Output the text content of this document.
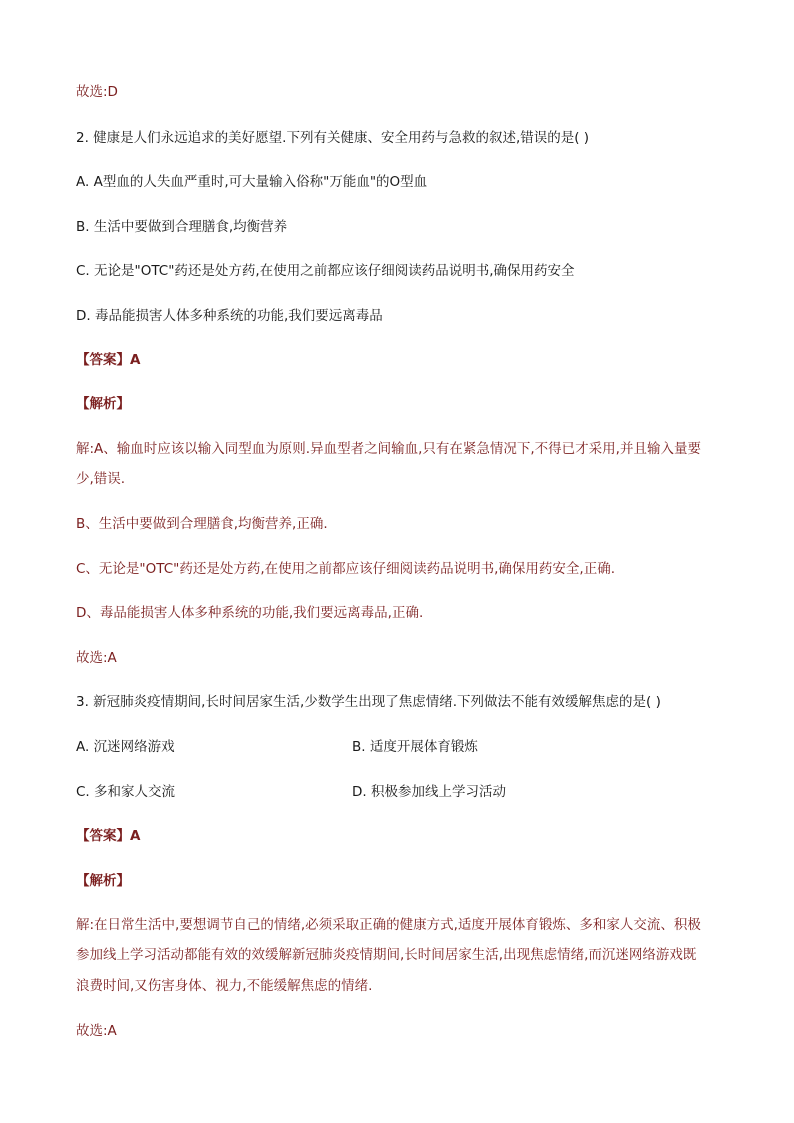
故选:D
2. 健康是人们永远追求的美好愿望.下列有关健康、安全用药与急救的叙述,错误的是( )
A. A型血的人失血严重时,可大量输入俗称"万能血"的O型血
B. 生活中要做到合理膳食,均衡营养
C. 无论是"OTC"药还是处方药,在使用之前都应该仔细阅读药品说明书,确保用药安全
D. 毒品能损害人体多种系统的功能,我们要远离毒品
【答案】A
【解析】
解:A、输血时应该以输入同型血为原则.异血型者之间输血,只有在紧急情况下,不得已才采用,并且输入量要
少,错误.
B、生活中要做到合理膳食,均衡营养,正确.
C、无论是"OTC"药还是处方药,在使用之前都应该仔细阅读药品说明书,确保用药安全,正确.
D、毒品能损害人体多种系统的功能,我们要远离毒品,正确.
故选:A
3. 新冠肺炎疫情期间,长时间居家生活,少数学生出现了焦虑情绪.下列做法不能有效缓解焦虑的是( )
A. 沉迷网络游戏	B. 适度开展体育锻炼
C. 多和家人交流	D. 积极参加线上学习活动
【答案】A
【解析】
解:在日常生活中,要想调节自己的情绪,必须采取正确的健康方式,适度开展体育锻炼、多和家人交流、积极
参加线上学习活动都能有效的效缓解新冠肺炎疫情期间,长时间居家生活,出现焦虑情绪,而沉迷网络游戏既
浪费时间,又伤害身体、视力,不能缓解焦虑的情绪.
故选:A
